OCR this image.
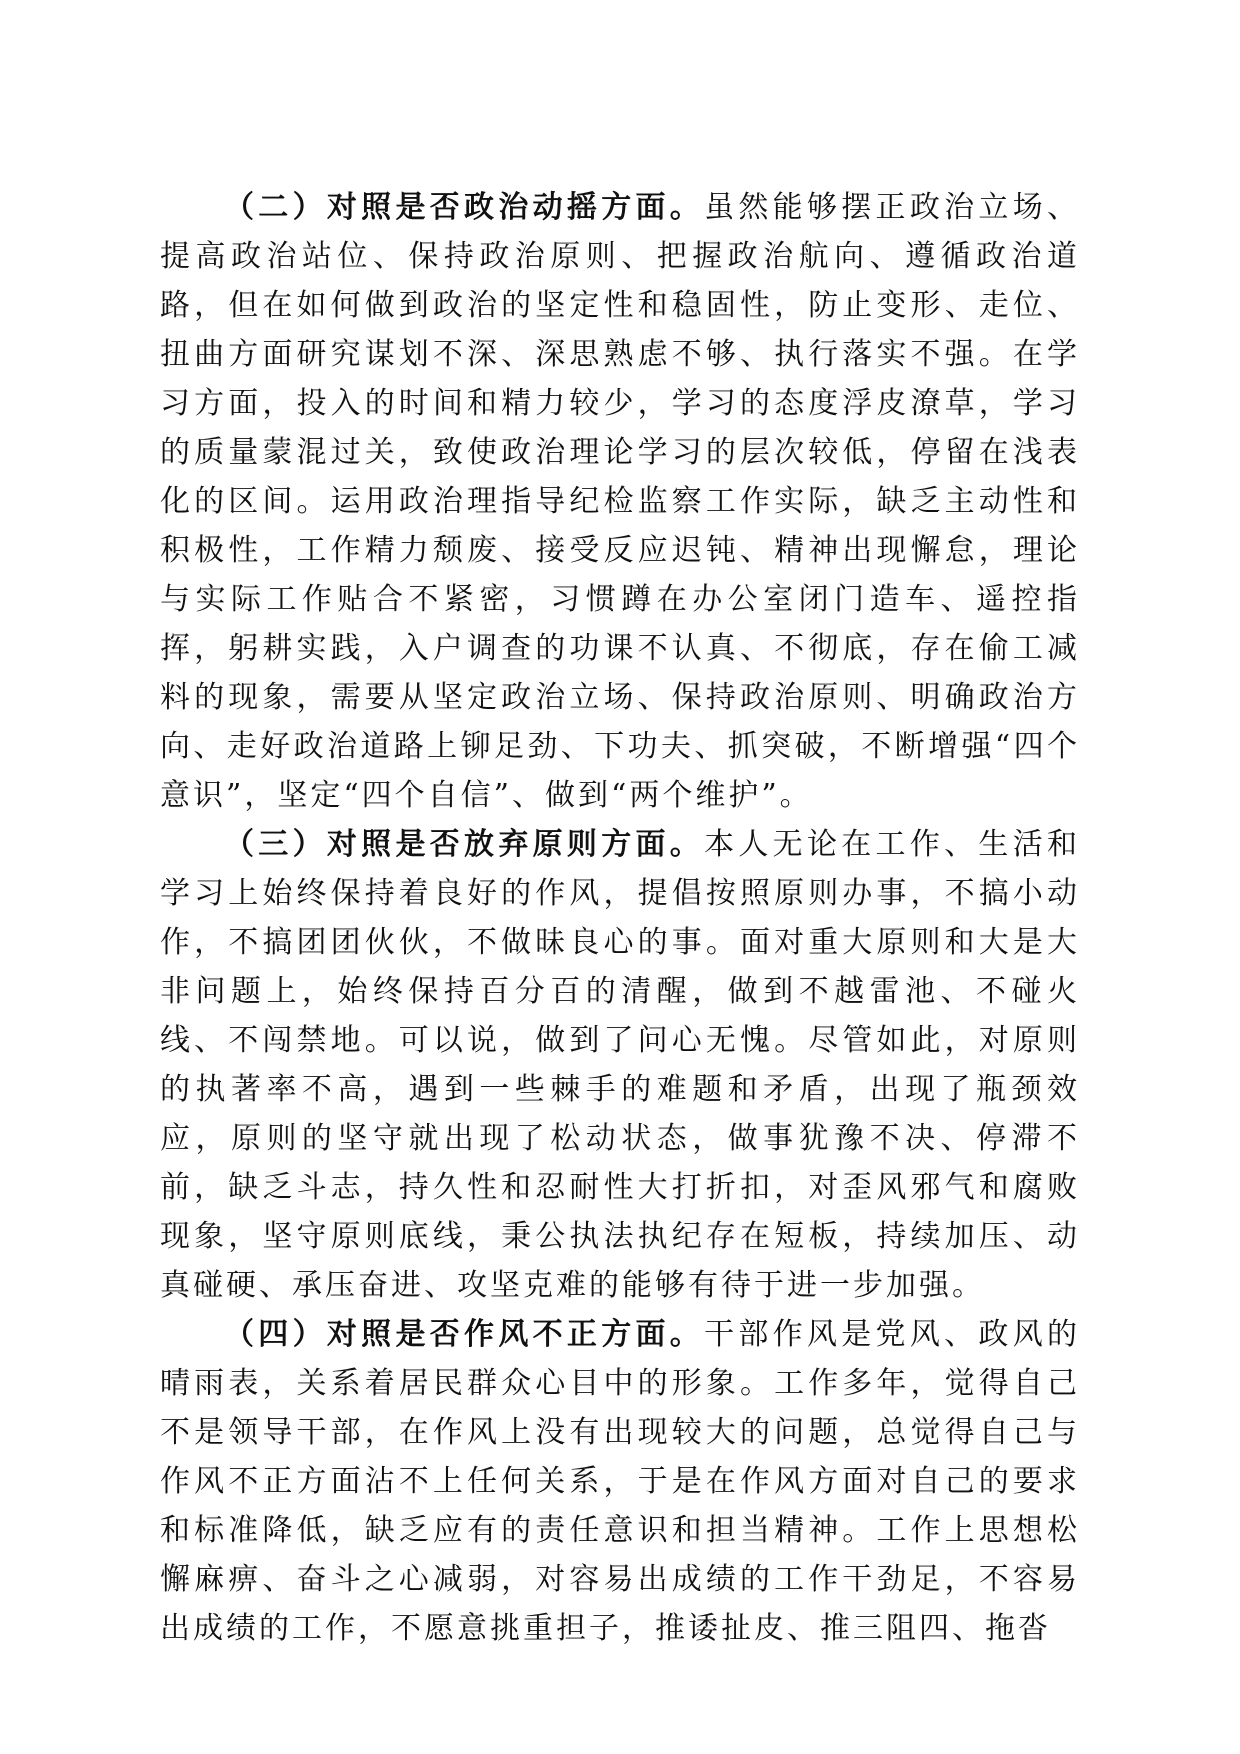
（二）对照是否政治动摇方面。虽然能够摆正政治立场、提高政治站位、保持政治原则、把握政治航向、遵循政治道路，但在如何做到政治的坚定性和稳固性，防止变形、走位、扭曲方面研究谋划不深、深思熟虑不够、执行落实不强。在学习方面，投入的时间和精力较少，学习的态度浮皮潦草，学习的质量蒙混过关，致使政治理论学习的层次较低，停留在浅表化的区间。运用政治理指导纪检监察工作实际，缺乏主动性和积极性，工作精力颓废、接受反应迟钝、精神出现懈怠，理论与实际工作贴合不紧密，习惯蹲在办公室闭门造车、遥控指挥，躬耕实践，入户调查的功课不认真、不彻底，存在偷工减料的现象，需要从坚定政治立场、保持政治原则、明确政治方向、走好政治道路上铆足劲、下功夫、抓突破，不断增强“四个意识”，坚定“四个自信”、做到“两个维护”。

（三）对照是否放弃原则方面。本人无论在工作、生活和学习上始终保持着良好的作风，提倡按照原则办事，不搞小动作，不搞团团伙伙，不做昧良心的事。面对重大原则和大是大非问题上，始终保持百分百的清醒，做到不越雷池、不碰火线、不闯禁地。可以说，做到了问心无愧。尽管如此，对原则的执著率不高，遇到一些棘手的难题和矛盾，出现了瓶颈效应，原则的坚守就出现了松动状态，做事犹豫不决、停滞不前，缺乏斗志，持久性和忍耐性大打折扣，对歪风邪气和腐败现象，坚守原则底线，秉公执法执纪存在短板，持续加压、动真碰硬、承压奋进、攻坚克难的能够有待于进一步加强。

（四）对照是否作风不正方面。干部作风是党风、政风的晴雨表，关系着居民群众心目中的形象。工作多年，觉得自己不是领导干部，在作风上没有出现较大的问题，总觉得自己与作风不正方面沾不上任何关系，于是在作风方面对自己的要求和标准降低，缺乏应有的责任意识和担当精神。工作上思想松懈麻痹、奋斗之心减弱，对容易出成绩的工作干劲足，不容易出成绩的工作，不愿意挑重担子，推诿扯皮、推三阻四、拖沓
